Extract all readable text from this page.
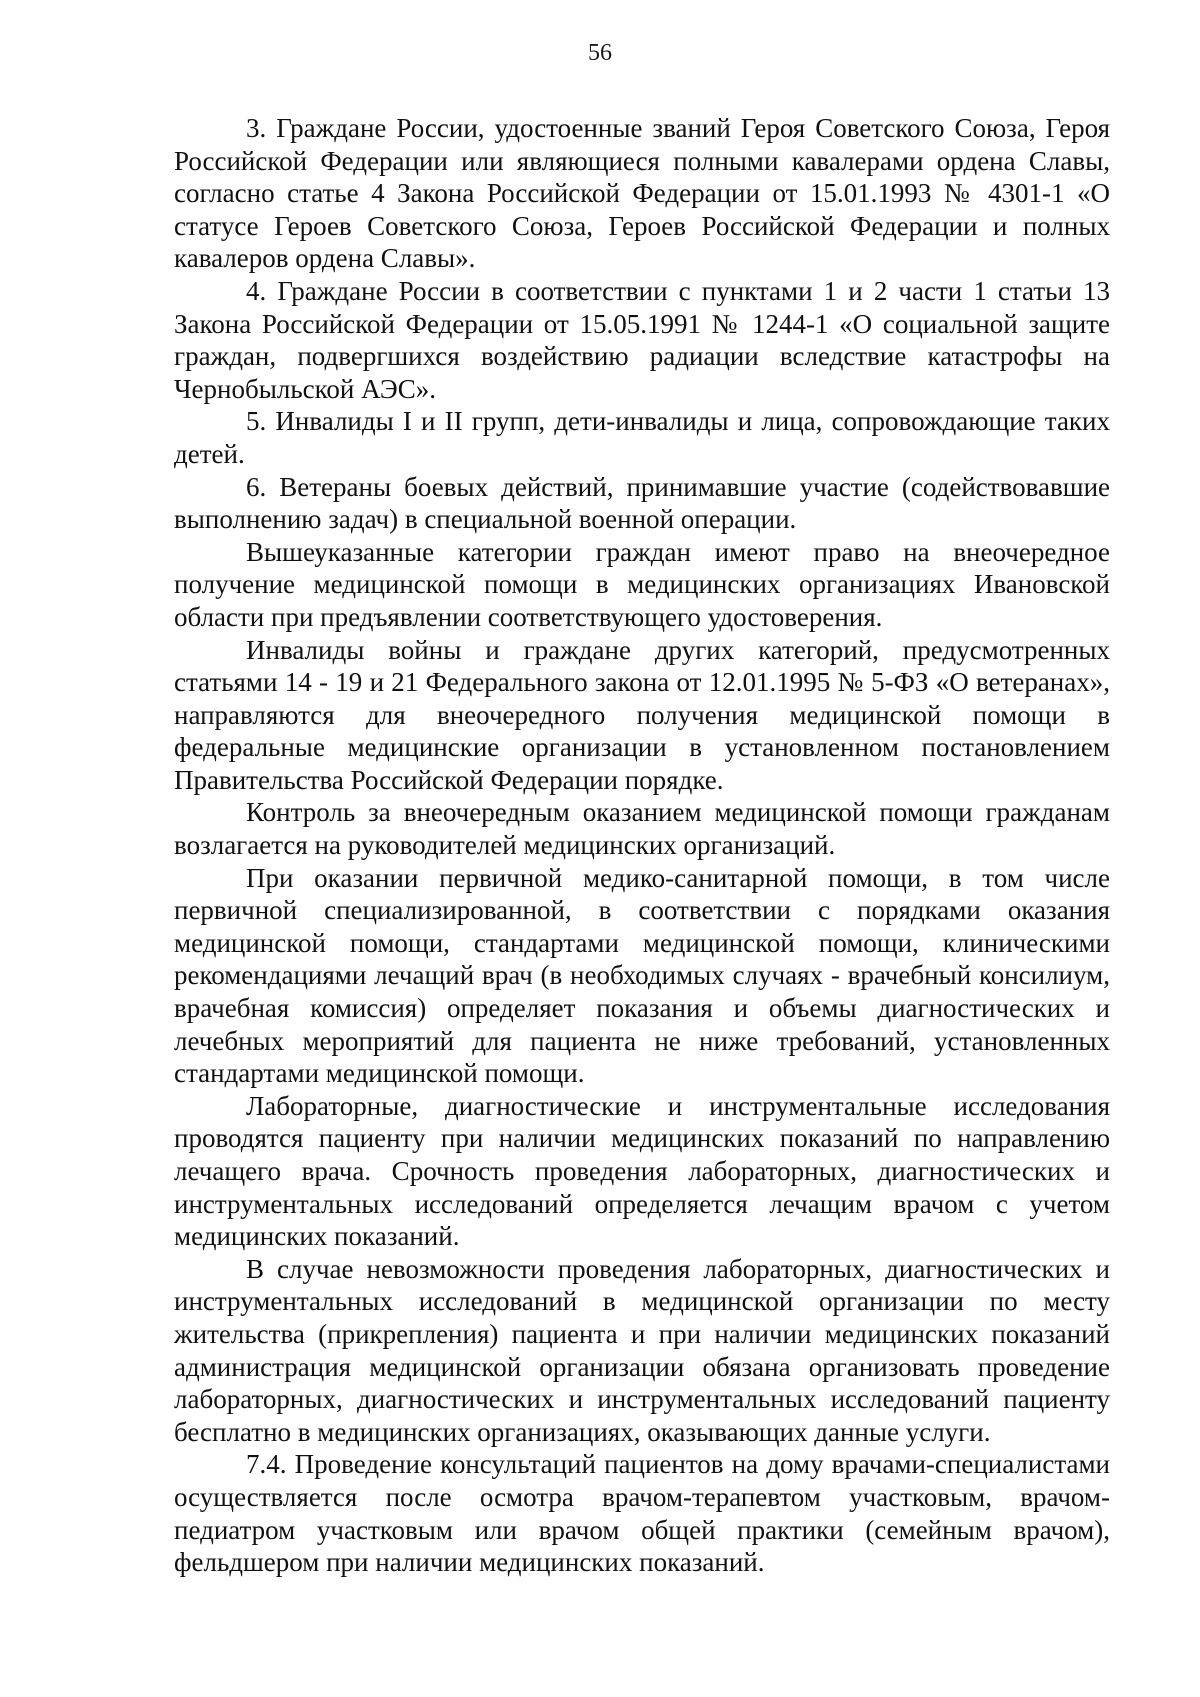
56

3. Граждане России, удостоенные званий Героя Советского Союза, Героя Российской Федерации или являющиеся полными кавалерами ордена Славы, согласно статье 4 Закона Российской Федерации от 15.01.1993 № 4301-1 «О статусе Героев Советского Союза, Героев Российской Федерации и полных кавалеров ордена Славы».

4. Граждане России в соответствии с пунктами 1 и 2 части 1 статьи 13 Закона Российской Федерации от 15.05.1991 № 1244-1 «О социальной защите граждан, подвергшихся воздействию радиации вследствие катастрофы на Чернобыльской АЭС».

5. Инвалиды I и II групп, дети-инвалиды и лица, сопровождающие таких детей.

6. Ветераны боевых действий, принимавшие участие (содействовавшие выполнению задач) в специальной военной операции.

Вышеуказанные категории граждан имеют право на внеочередное получение медицинской помощи в медицинских организациях Ивановской области при предъявлении соответствующего удостоверения.

Инвалиды войны и граждане других категорий, предусмотренных статьями 14 - 19 и 21 Федерального закона от 12.01.1995 № 5-ФЗ «О ветеранах», направляются для внеочередного получения медицинской помощи в федеральные медицинские организации в установленном постановлением Правительства Российской Федерации порядке.

Контроль за внеочередным оказанием медицинской помощи гражданам возлагается на руководителей медицинских организаций.

При оказании первичной медико-санитарной помощи, в том числе первичной специализированной, в соответствии с порядками оказания медицинской помощи, стандартами медицинской помощи, клиническими рекомендациями лечащий врач (в необходимых случаях - врачебный консилиум, врачебная комиссия) определяет показания и объемы диагностических и лечебных мероприятий для пациента не ниже требований, установленных стандартами медицинской помощи.

Лабораторные, диагностические и инструментальные исследования проводятся пациенту при наличии медицинских показаний по направлению лечащего врача. Срочность проведения лабораторных, диагностических и инструментальных исследований определяется лечащим врачом с учетом медицинских показаний.

В случае невозможности проведения лабораторных, диагностических и инструментальных исследований в медицинской организации по месту жительства (прикрепления) пациента и при наличии медицинских показаний администрация медицинской организации обязана организовать проведение лабораторных, диагностических и инструментальных исследований пациенту бесплатно в медицинских организациях, оказывающих данные услуги.

7.4. Проведение консультаций пациентов на дому врачами-специалистами осуществляется после осмотра врачом-терапевтом участковым, врачом-педиатром участковым или врачом общей практики (семейным врачом), фельдшером при наличии медицинских показаний.
